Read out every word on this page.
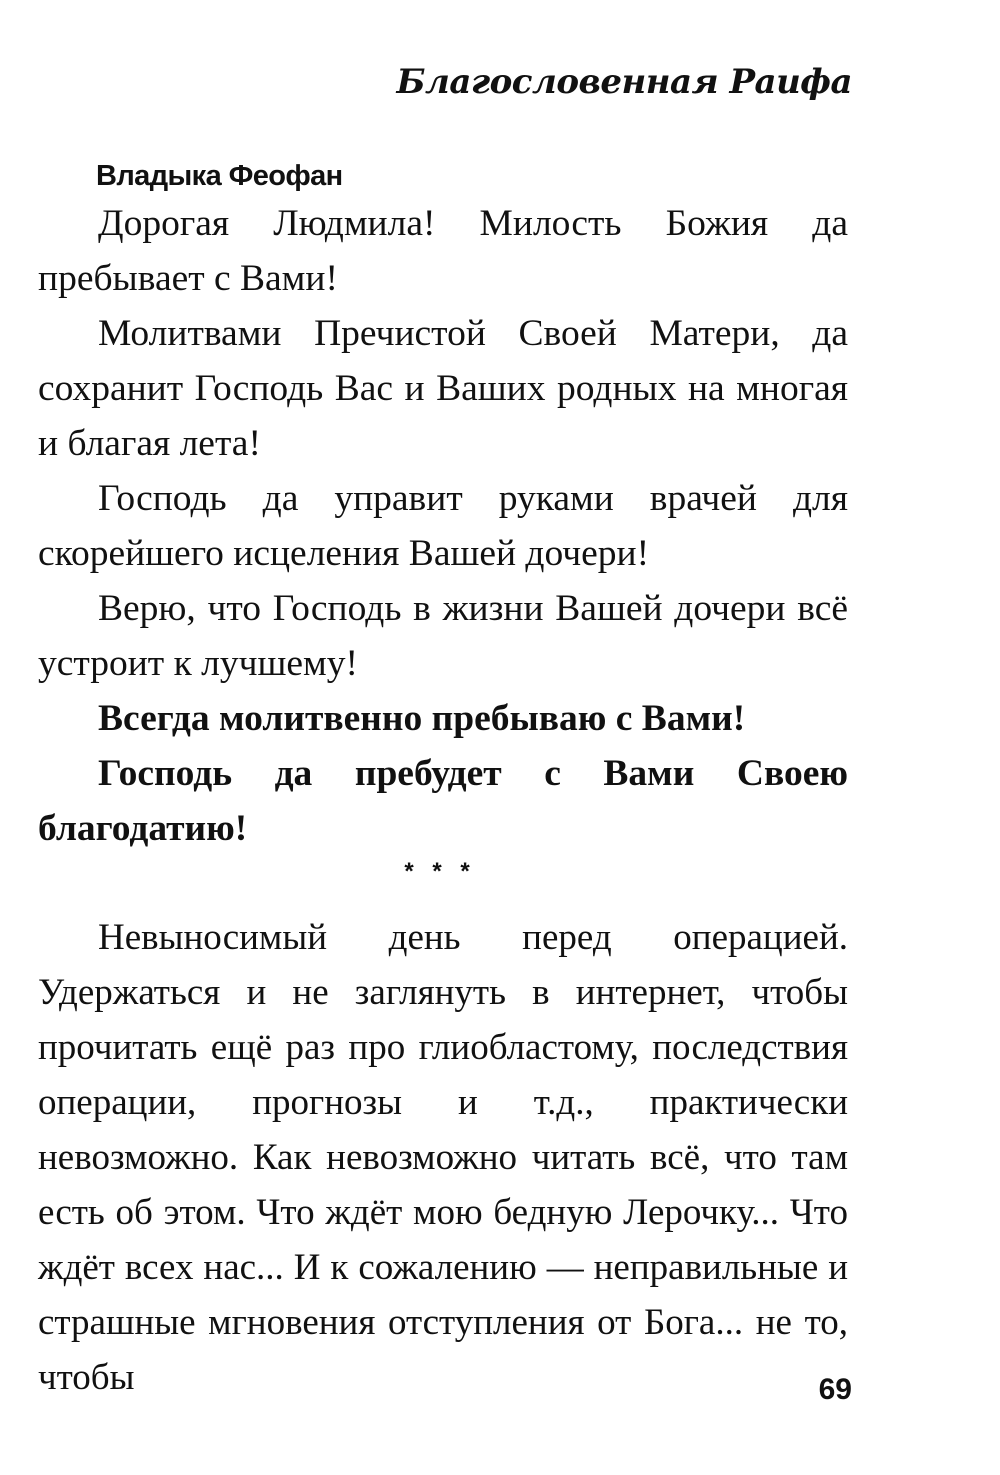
Благословенная Раифа
Владыка Феофан

Дорогая Людмила! Милость Божия да пребывает с Вами!

Молитвами Пречистой Своей Матери, да сохранит Господь Вас и Ваших родных на многая и благая лета!

Господь да управит руками врачей для скорейшего исцеления Вашей дочери!

Верю, что Господь в жизни Вашей дочери всё устроит к лучшему!

Всегда молитвенно пребываю с Вами!

Господь да пребудет с Вами Своею благодатию!

* * *

Невыносимый день перед операцией. Удержаться и не заглянуть в интернет, чтобы прочитать ещё раз про глиобластому, последствия операции, прогнозы и т.д., практически невозможно. Как невозможно читать всё, что там есть об этом. Что ждёт мою бедную Лерочку... Что ждёт всех нас... И к сожалению — неправильные и страшные мгновения отступления от Бога... не то, чтобы	69
